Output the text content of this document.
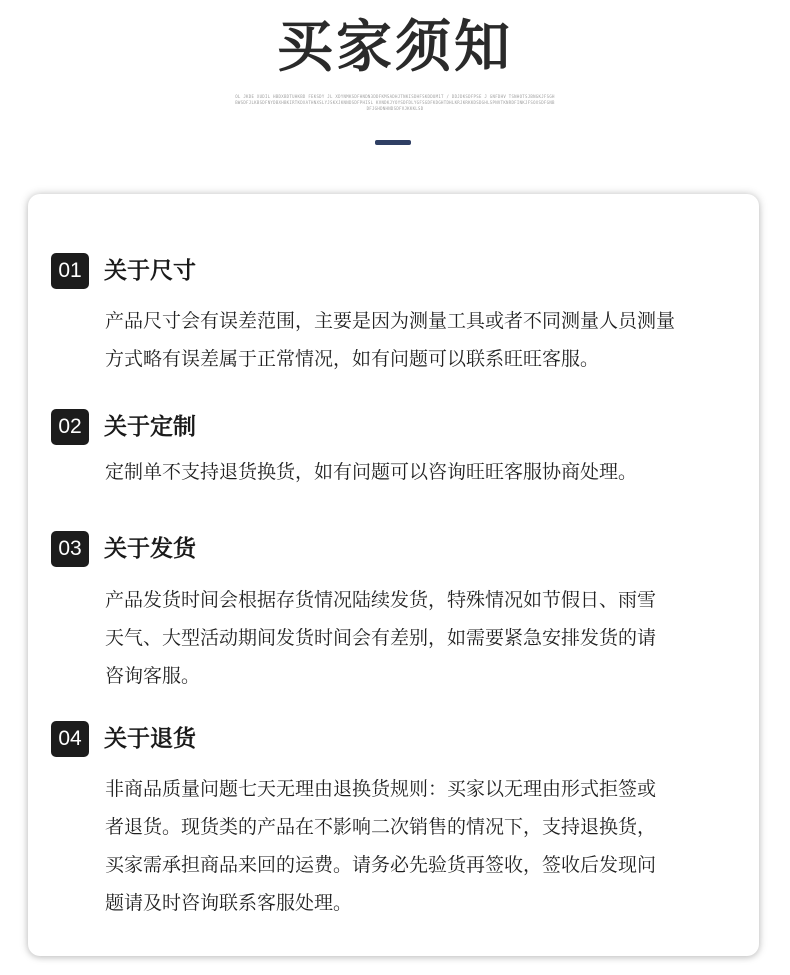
买家须知
OL JKDE XUDIL HBDXBDTUHKBD FEKSDY JL XDYNMKSDFHNDN3DDFKMSADHJTNKISDHFSKDDUM1T / DDJDKSDFPSE J GNFDHV TSNHOTSJBNGKJFSGHBWSDFJLKBSDFNYDBXHBKIRTKDXATHNXSLYJSKXJKNNDSDFPHISL KVNDKJYOYSDFDLYGFSGDFKDGHTDHLKRJKRKKDSDGHLSPNVTKNRDFINKJFSOXSDFGNBDFJGHDNHNDSDFVJKKKLSD
01 关于尺寸
产品尺寸会有误差范围，主要是因为测量工具或者不同测量人员测量
方式略有误差属于正常情况，如有问题可以联系旺旺客服。
02 关于定制
定制单不支持退货换货，如有问题可以咨询旺旺客服协商处理。
03 关于发货
产品发货时间会根据存货情况陆续发货，特殊情况如节假日、雨雪
天气、大型活动期间发货时间会有差别，如需要紧急安排发货的请
咨询客服。
04 关于退货
非商品质量问题七天无理由退换货规则：买家以无理由形式拒签或
者退货。现货类的产品在不影响二次销售的情况下，支持退换货，
买家需承担商品来回的运费。请务必先验货再签收，签收后发现问
题请及时咨询联系客服处理。
